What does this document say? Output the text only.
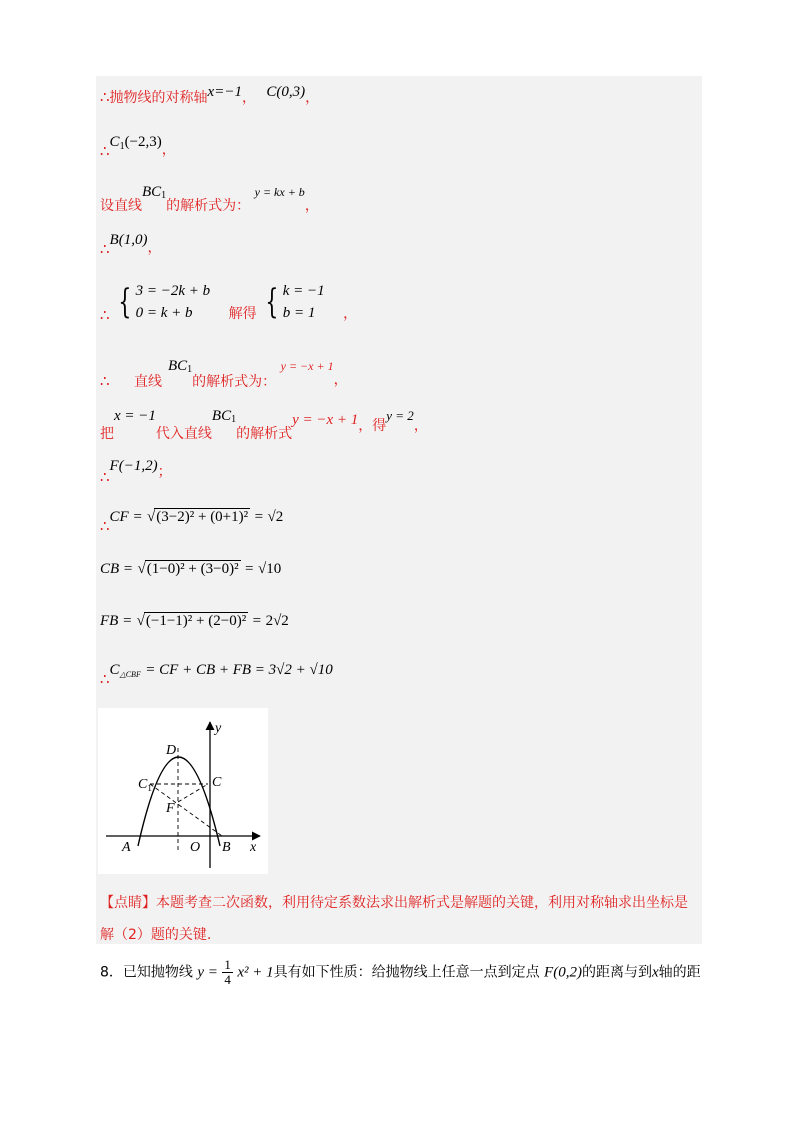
∴抛物线的对称轴x=−1， C(0,3)，
$\therefore C_1(-2,3)$，
设直线$BC^1$的解析式为： y = kx + b，
∴B(1,0)，
∴ { 3 = −2k + b
0 = k + b	解得 { k = −1
b = 1	，
∴ 直线$BC^1$的解析式为： y = −x + 1，
把x = −1代入直线$BC^1$的解析式y = −x + 1，得y = 2，
∴F(−1,2)；
∴CF = √(3−2)² + (0+1)² = √2
CB = √(1−0)² + (3−0)² = √10
FB = √(−1−1)² + (2−0)² = 2√2
$\therefore C_{\triangle CBF}$ = CF + CB + FB = 3√2 + √10
y
D
$C_1$	C
F
A	O B x
【点睛】本题考查二次函数，利用待定系数法求出解析式是解题的关键，利用对称轴求出坐标是
解（2）题的关键.
8．已知抛物线 $y = \frac{1}{4} x^2 + 1$具有如下性质：给抛物线上任意一点到定点 F(0,2)的距离与到x轴的距
